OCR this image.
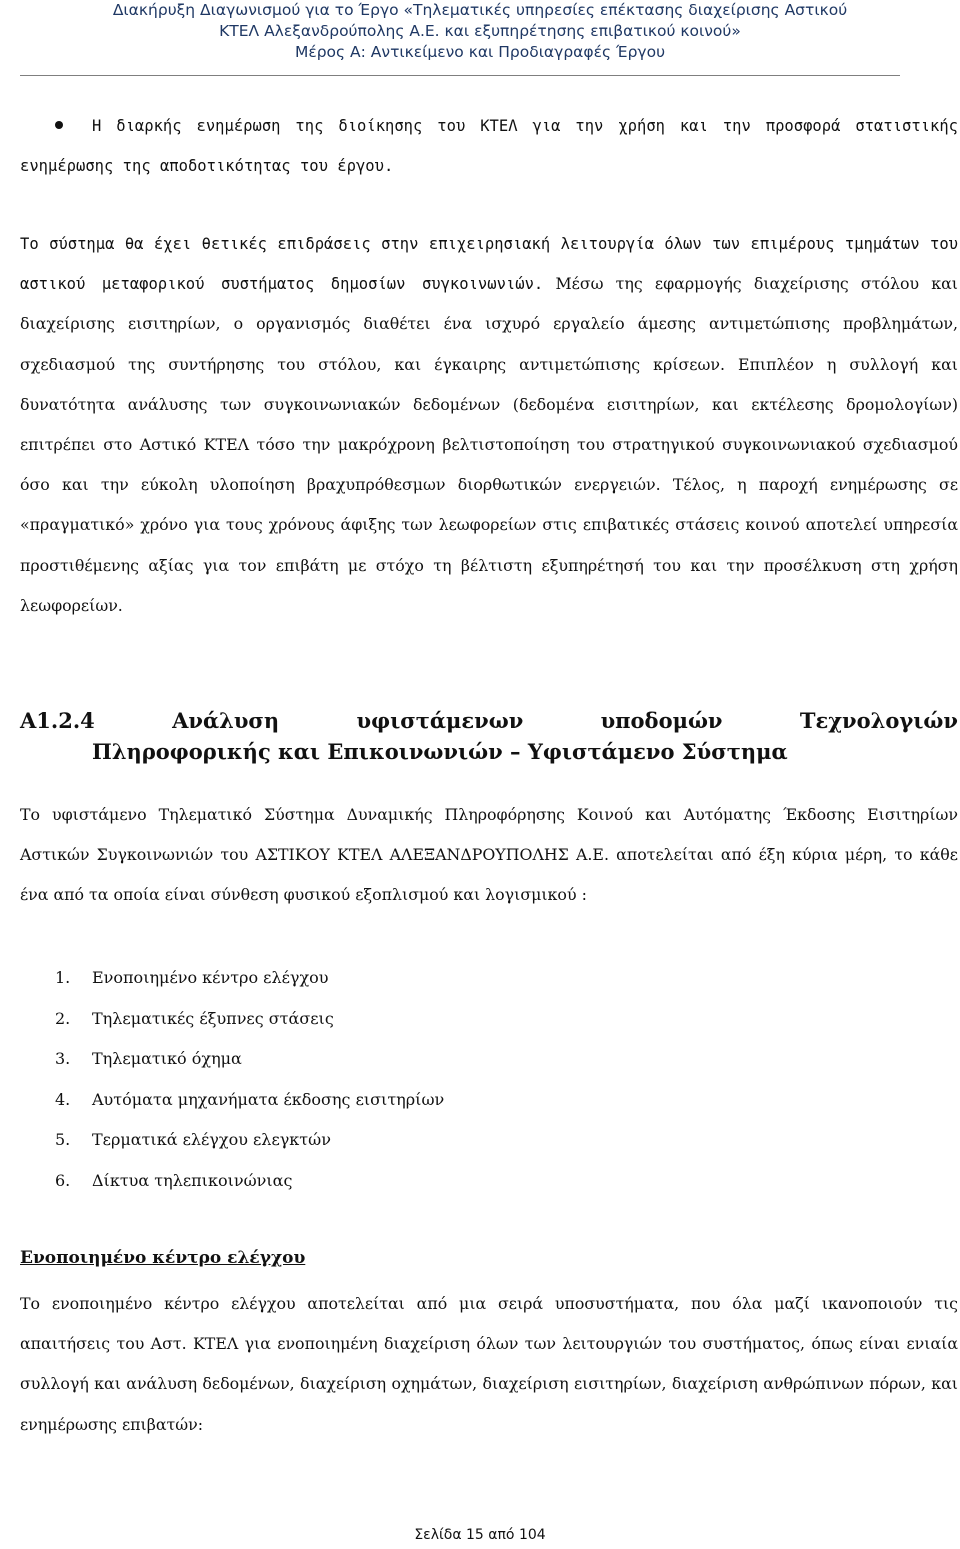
Διακήρυξη Διαγωνισμού για το Έργο «Τηλεματικές υπηρεσίες επέκτασης διαχείρισης Αστικού
ΚΤΕΛ Αλεξανδρούπολης Α.Ε. και εξυπηρέτησης επιβατικού κοινού»
Μέρος Α: Αντικείμενο και Προδιαγραφές Έργου
Η διαρκής ενημέρωση της διοίκησης του ΚΤΕΛ για την χρήση και την προσφορά στατιστικής ενημέρωσης της αποδοτικότητας του έργου.
Το σύστημα θα έχει θετικές επιδράσεις στην επιχειρησιακή λειτουργία όλων των επιμέρους τμημάτων του αστικού μεταφορικού συστήματος δημοσίων συγκοινωνιών. Μέσω της εφαρμογής διαχείρισης στόλου και διαχείρισης εισιτηρίων, ο οργανισμός διαθέτει ένα ισχυρό εργαλείο άμεσης αντιμετώπισης προβλημάτων, σχεδιασμού της συντήρησης του στόλου, και έγκαιρης αντιμετώπισης κρίσεων. Επιπλέον η συλλογή και δυνατότητα ανάλυσης των συγκοινωνιακών δεδομένων (δεδομένα εισιτηρίων, και εκτέλεσης δρομολογίων) επιτρέπει στο Αστικό ΚΤΕΛ τόσο την μακρόχρονη βελτιστοποίηση του στρατηγικού συγκοινωνιακού σχεδιασμού όσο και την εύκολη υλοποίηση βραχυπρόθεσμων διορθωτικών ενεργειών. Τέλος, η παροχή ενημέρωσης σε «πραγματικό» χρόνο για τους χρόνους άφιξης των λεωφορείων στις επιβατικές στάσεις κοινού αποτελεί υπηρεσία προστιθέμενης αξίας για τον επιβάτη με στόχο τη βέλτιστη εξυπηρέτησή του και την προσέλκυση στη χρήση λεωφορείων.
Α1.2.4	Ανάλυση	υφιστάμενων	υποδομών	Τεχνολογιών
Πληροφορικής και Επικοινωνιών – Υφιστάμενο Σύστημα
Το υφιστάμενο Τηλεματικό Σύστημα Δυναμικής Πληροφόρησης Κοινού και Αυτόματης Έκδοσης Εισιτηρίων Αστικών Συγκοινωνιών του ΑΣΤΙΚΟΥ ΚΤΕΛ ΑΛΕΞΑΝΔΡΟΥΠΟΛΗΣ Α.Ε. αποτελείται από έξη κύρια μέρη, το κάθε ένα από τα οποία είναι σύνθεση φυσικού εξοπλισμού και λογισμικού :
1. Ενοποιημένο κέντρο ελέγχου
2. Τηλεματικές έξυπνες στάσεις
3. Τηλεματικό όχημα
4. Αυτόματα μηχανήματα έκδοσης εισιτηρίων
5. Τερματικά ελέγχου ελεγκτών
6. Δίκτυα τηλεπικοινώνιας
Ενοποιημένο κέντρο ελέγχου
Το ενοποιημένο κέντρο ελέγχου αποτελείται από μια σειρά υποσυστήματα, που όλα μαζί ικανοποιούν τις απαιτήσεις του Αστ. ΚΤΕΛ για ενοποιημένη διαχείριση όλων των λειτουργιών του συστήματος, όπως είναι ενιαία συλλογή και ανάλυση δεδομένων, διαχείριση οχημάτων, διαχείριση εισιτηρίων, διαχείριση ανθρώπινων πόρων, και ενημέρωσης επιβατών:
Σελίδα 15 από 104
